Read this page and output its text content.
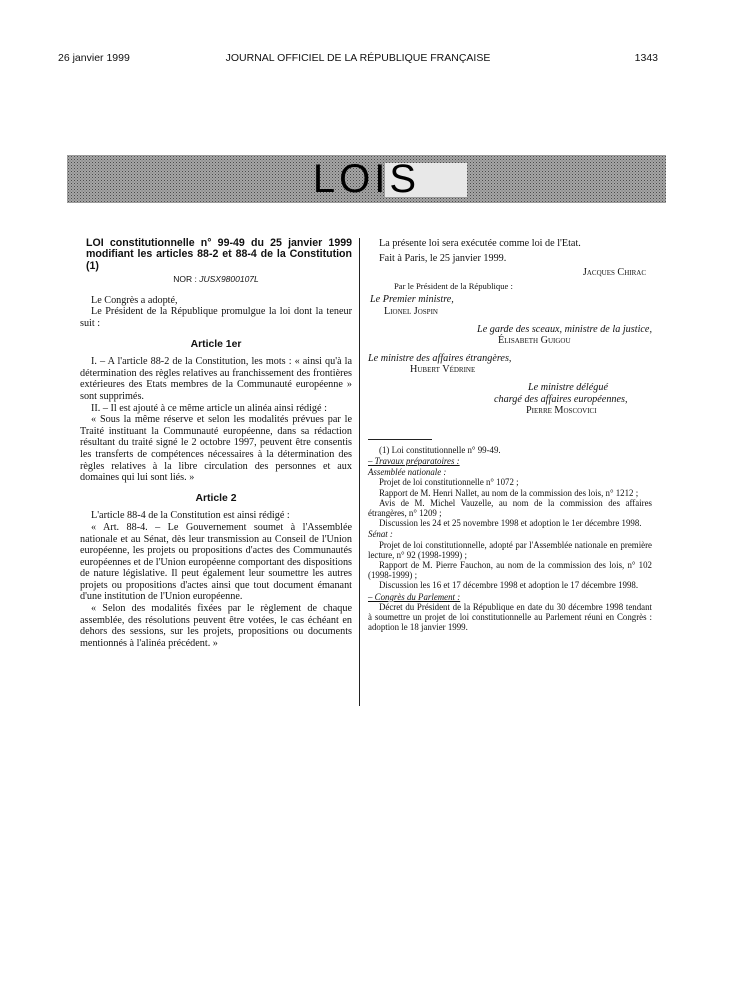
26 janvier 1999	JOURNAL OFFICIEL DE LA RÉPUBLIQUE FRANÇAISE	1343
LOIS

LOI constitutionnelle n° 99-49 du 25 janvier 1999 modifiant les articles 88-2 et 88-4 de la Constitution (1)

NOR : JUSX9800107L

Le Congrès a adopté,

Le Président de la République promulgue la loi dont la teneur suit :

Article 1er

I. – A l'article 88-2 de la Constitution, les mots : « ainsi qu'à la détermination des règles relatives au franchissement des frontières extérieures des Etats membres de la Communauté européenne » sont supprimés.

II. – Il est ajouté à ce même article un alinéa ainsi rédigé :

« Sous la même réserve et selon les modalités prévues par le Traité instituant la Communauté européenne, dans sa rédaction résultant du traité signé le 2 octobre 1997, peuvent être consentis les transferts de compétences nécessaires à la détermination des règles relatives à la libre circulation des personnes et aux domaines qui lui sont liés. »

Article 2

L'article 88-4 de la Constitution est ainsi rédigé :

« Art. 88-4. – Le Gouvernement soumet à l'Assemblée nationale et au Sénat, dès leur transmission au Conseil de l'Union européenne, les projets ou propositions d'actes des Communautés européennes et de l'Union européenne comportant des dispositions de nature législative. Il peut également leur soumettre les autres projets ou propositions d'actes ainsi que tout document émanant d'une institution de l'Union européenne.

« Selon des modalités fixées par le règlement de chaque assemblée, des résolutions peuvent être votées, le cas échéant en dehors des sessions, sur les projets, propositions ou documents mentionnés à l'alinéa précédent. »

La présente loi sera exécutée comme loi de l'Etat.

Fait à Paris, le 25 janvier 1999.

Jacques Chirac

Par le Président de la République :

Le Premier ministre,

Lionel Jospin

Le garde des sceaux, ministre de la justice,

Élisabeth Guigou

Le ministre des affaires étrangères,

Hubert Védrine

Le ministre délégué

chargé des affaires européennes,

Pierre Moscovici

(1) Loi constitutionnelle n° 99-49.

– Travaux préparatoires :

Assemblée nationale :

Projet de loi constitutionnelle n° 1072 ;

Rapport de M. Henri Nallet, au nom de la commission des lois, n° 1212 ;

Avis de M. Michel Vauzelle, au nom de la commission des affaires étrangères, n° 1209 ;

Discussion les 24 et 25 novembre 1998 et adoption le 1er décembre 1998.

Sénat :

Projet de loi constitutionnelle, adopté par l'Assemblée nationale en première lecture, n° 92 (1998-1999) ;

Rapport de M. Pierre Fauchon, au nom de la commission des lois, n° 102 (1998-1999) ;

Discussion les 16 et 17 décembre 1998 et adoption le 17 décembre 1998.

– Congrès du Parlement :

Décret du Président de la République en date du 30 décembre 1998 tendant à soumettre un projet de loi constitutionnelle au Parlement réuni en Congrès : adoption le 18 janvier 1999.
